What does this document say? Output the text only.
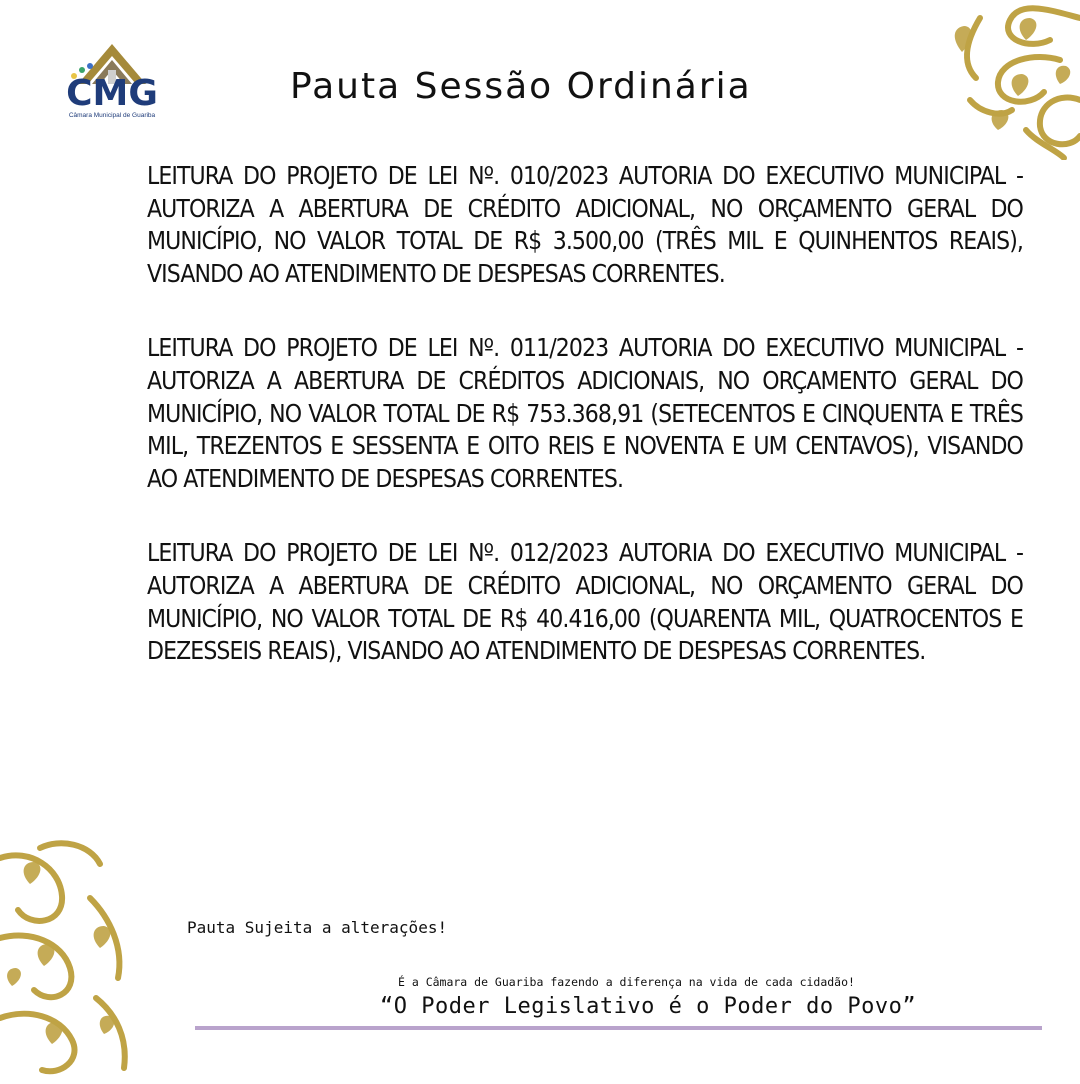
CMG
Câmara Municipal de Guariba
Pauta Sessão Ordinária

LEITURA DO PROJETO DE LEI Nº. 010/2023 AUTORIA DO EXECUTIVO MUNICIPAL - AUTORIZA A ABERTURA DE CRÉDITO ADICIONAL, NO ORÇAMENTO GERAL DO MUNICÍPIO, NO VALOR TOTAL DE R$ 3.500,00 (TRÊS MIL E QUINHENTOS REAIS), VISANDO AO ATENDIMENTO DE DESPESAS CORRENTES.

LEITURA DO PROJETO DE LEI Nº. 011/2023 AUTORIA DO EXECUTIVO MUNICIPAL - AUTORIZA A ABERTURA DE CRÉDITOS ADICIONAIS, NO ORÇAMENTO GERAL DO MUNICÍPIO, NO VALOR TOTAL DE R$ 753.368,91 (SETECENTOS E CINQUENTA E TRÊS MIL, TREZENTOS E SESSENTA E OITO REIS E NOVENTA E UM CENTAVOS), VISANDO AO ATENDIMENTO DE DESPESAS CORRENTES.

LEITURA DO PROJETO DE LEI Nº. 012/2023 AUTORIA DO EXECUTIVO MUNICIPAL - AUTORIZA A ABERTURA DE CRÉDITO ADICIONAL, NO ORÇAMENTO GERAL DO MUNICÍPIO, NO VALOR TOTAL DE R$ 40.416,00 (QUARENTA MIL, QUATROCENTOS E DEZESSEIS REAIS), VISANDO AO ATENDIMENTO DE DESPESAS CORRENTES.

Pauta Sujeita a alterações!
É a Câmara de Guariba fazendo a diferença na vida de cada cidadão!
“O Poder Legislativo é o Poder do Povo”
